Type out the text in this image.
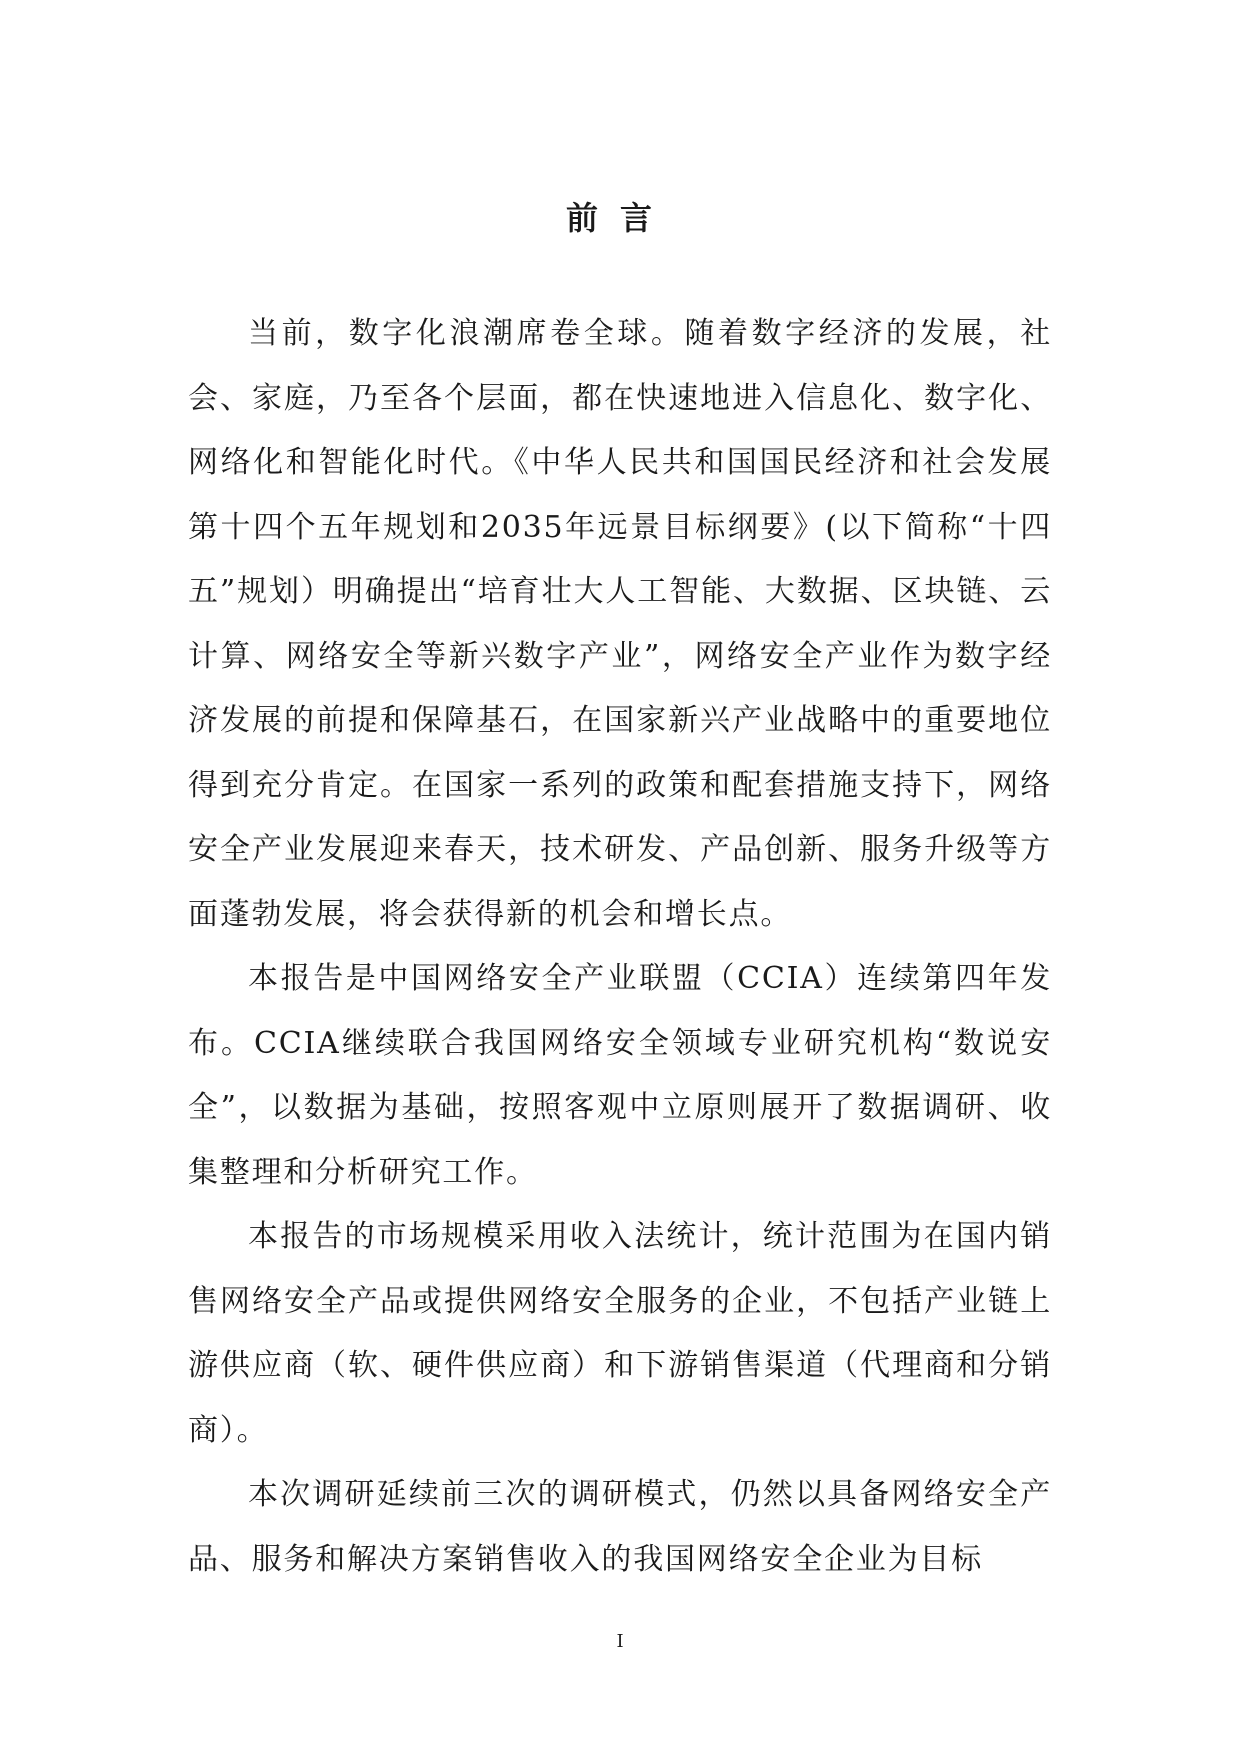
前言

当前，数字化浪潮席卷全球。随着数字经济的发展，社会、家庭，乃至各个层面，都在快速地进入信息化、数字化、网络化和智能化时代。《中华人民共和国国民经济和社会发展第十四个五年规划和2035年远景目标纲要》(以下简称“十四五”规划）明确提出“培育壮大人工智能、大数据、区块链、云计算、网络安全等新兴数字产业”，网络安全产业作为数字经济发展的前提和保障基石，在国家新兴产业战略中的重要地位得到充分肯定。在国家一系列的政策和配套措施支持下，网络安全产业发展迎来春天，技术研发、产品创新、服务升级等方面蓬勃发展，将会获得新的机会和增长点。

本报告是中国网络安全产业联盟（CCIA）连续第四年发布。CCIA继续联合我国网络安全领域专业研究机构“数说安全”，以数据为基础，按照客观中立原则展开了数据调研、收集整理和分析研究工作。

本报告的市场规模采用收入法统计，统计范围为在国内销售网络安全产品或提供网络安全服务的企业，不包括产业链上游供应商（软、硬件供应商）和下游销售渠道（代理商和分销商）。

本次调研延续前三次的调研模式，仍然以具备网络安全产品、服务和解决方案销售收入的我国网络安全企业为目标

I
